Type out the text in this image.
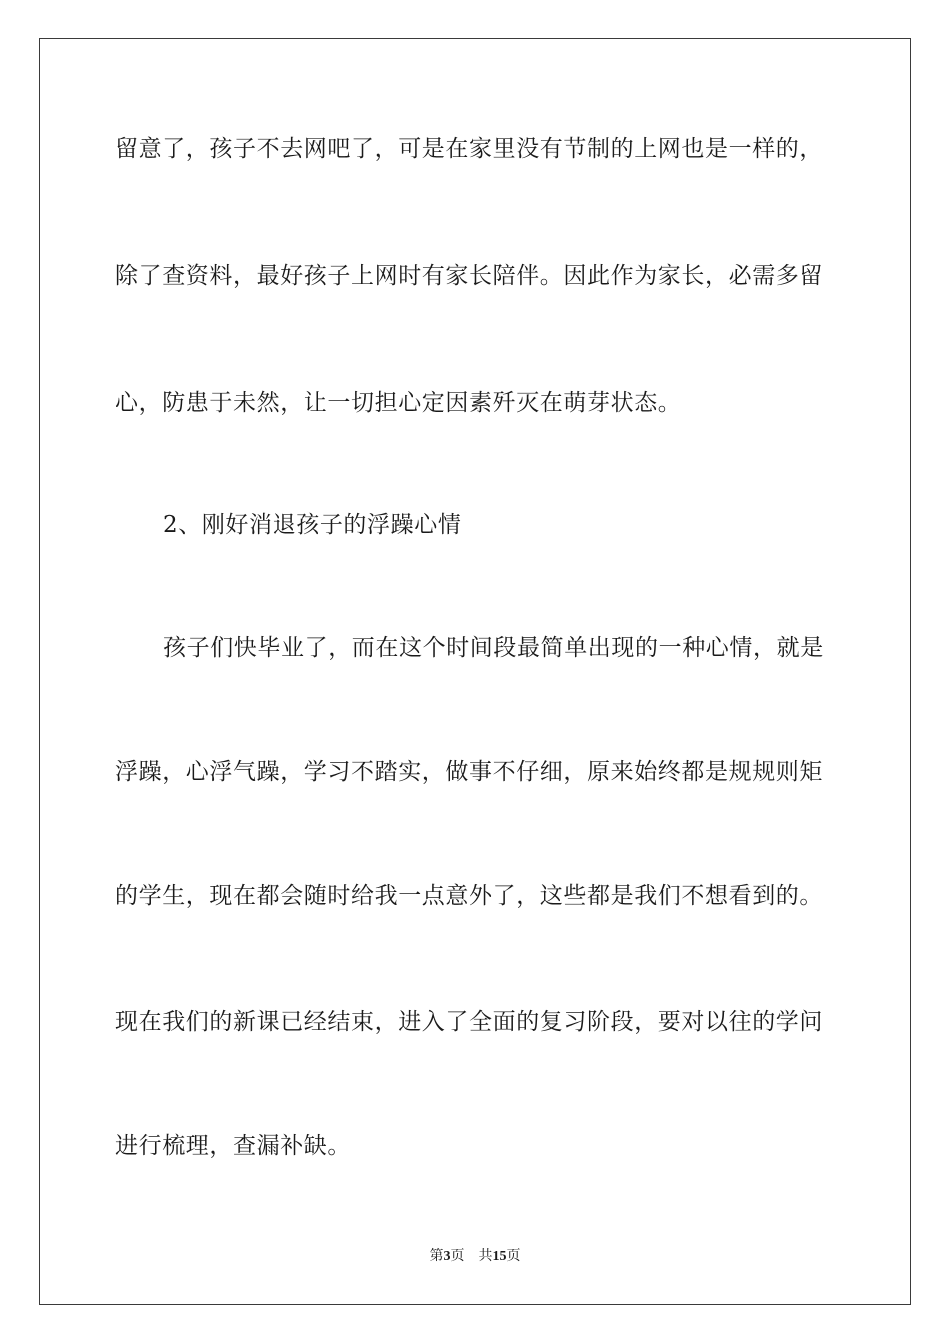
留意了，孩子不去网吧了，可是在家里没有节制的上网也是一样的，
除了查资料，最好孩子上网时有家长陪伴。因此作为家长，必需多留
心，防患于未然，让一切担心定因素歼灭在萌芽状态。
2、刚好消退孩子的浮躁心情
孩子们快毕业了，而在这个时间段最简单出现的一种心情，就是
浮躁，心浮气躁，学习不踏实，做事不仔细，原来始终都是规规则矩
的学生，现在都会随时给我一点意外了，这些都是我们不想看到的。
现在我们的新课已经结束，进入了全面的复习阶段，要对以往的学问
进行梳理，查漏补缺。
第3页 共15页
